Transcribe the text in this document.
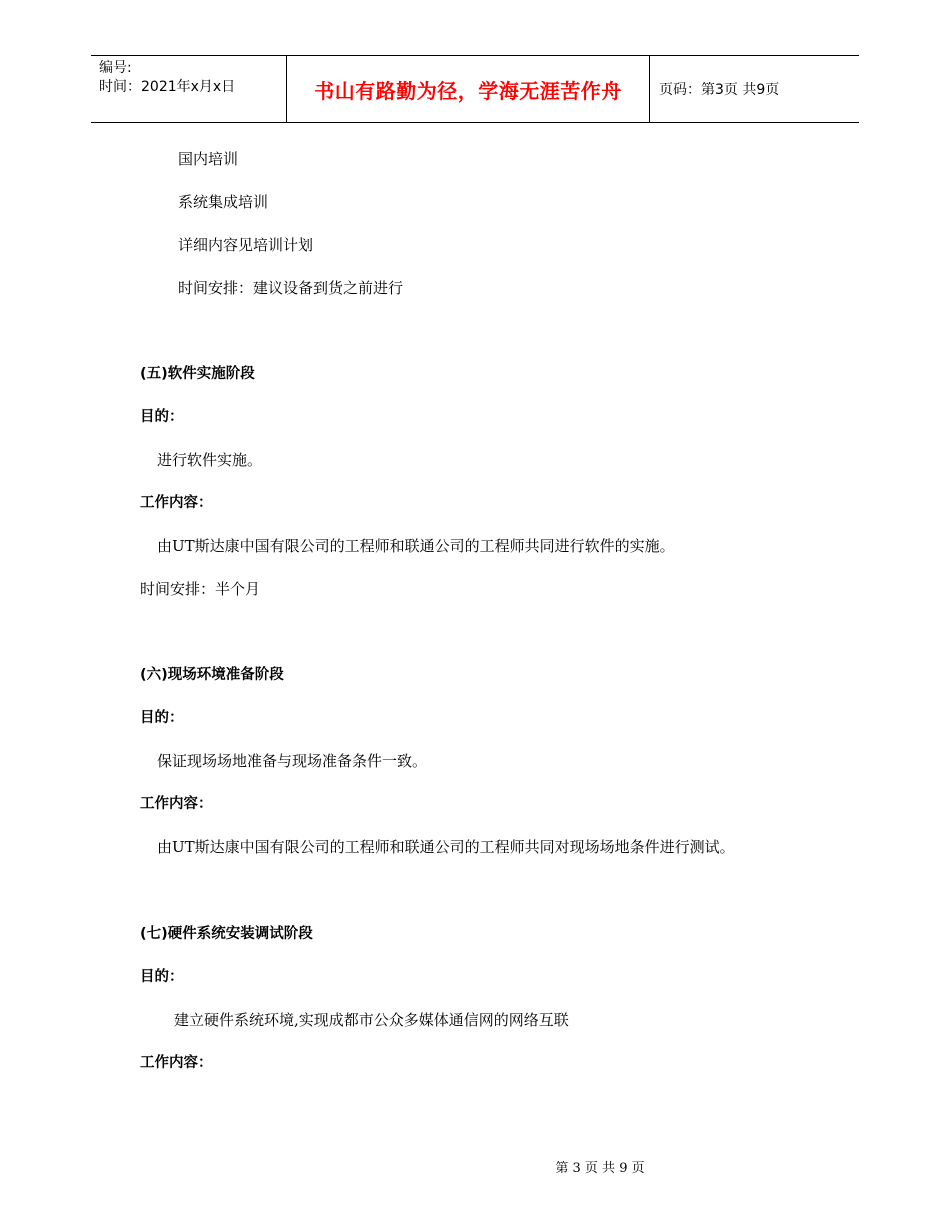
编号:
时间：2021年x月x日	书山有路勤为径，学海无涯苦作舟	页码：第3页 共9页
国内培训
系统集成培训
详细内容见培训计划
时间安排：建议设备到货之前进行
(五)软件实施阶段
目的：
进行软件实施。
工作内容：
由UT斯达康中国有限公司的工程师和联通公司的工程师共同进行软件的实施。
时间安排：半个月
(六)现场环境准备阶段
目的：
保证现场场地准备与现场准备条件一致。
工作内容：
由UT斯达康中国有限公司的工程师和联通公司的工程师共同对现场场地条件进行测试。
(七)硬件系统安装调试阶段
目的：
建立硬件系统环境,实现成都市公众多媒体通信网的网络互联
工作内容：
第 3 页 共 9 页
